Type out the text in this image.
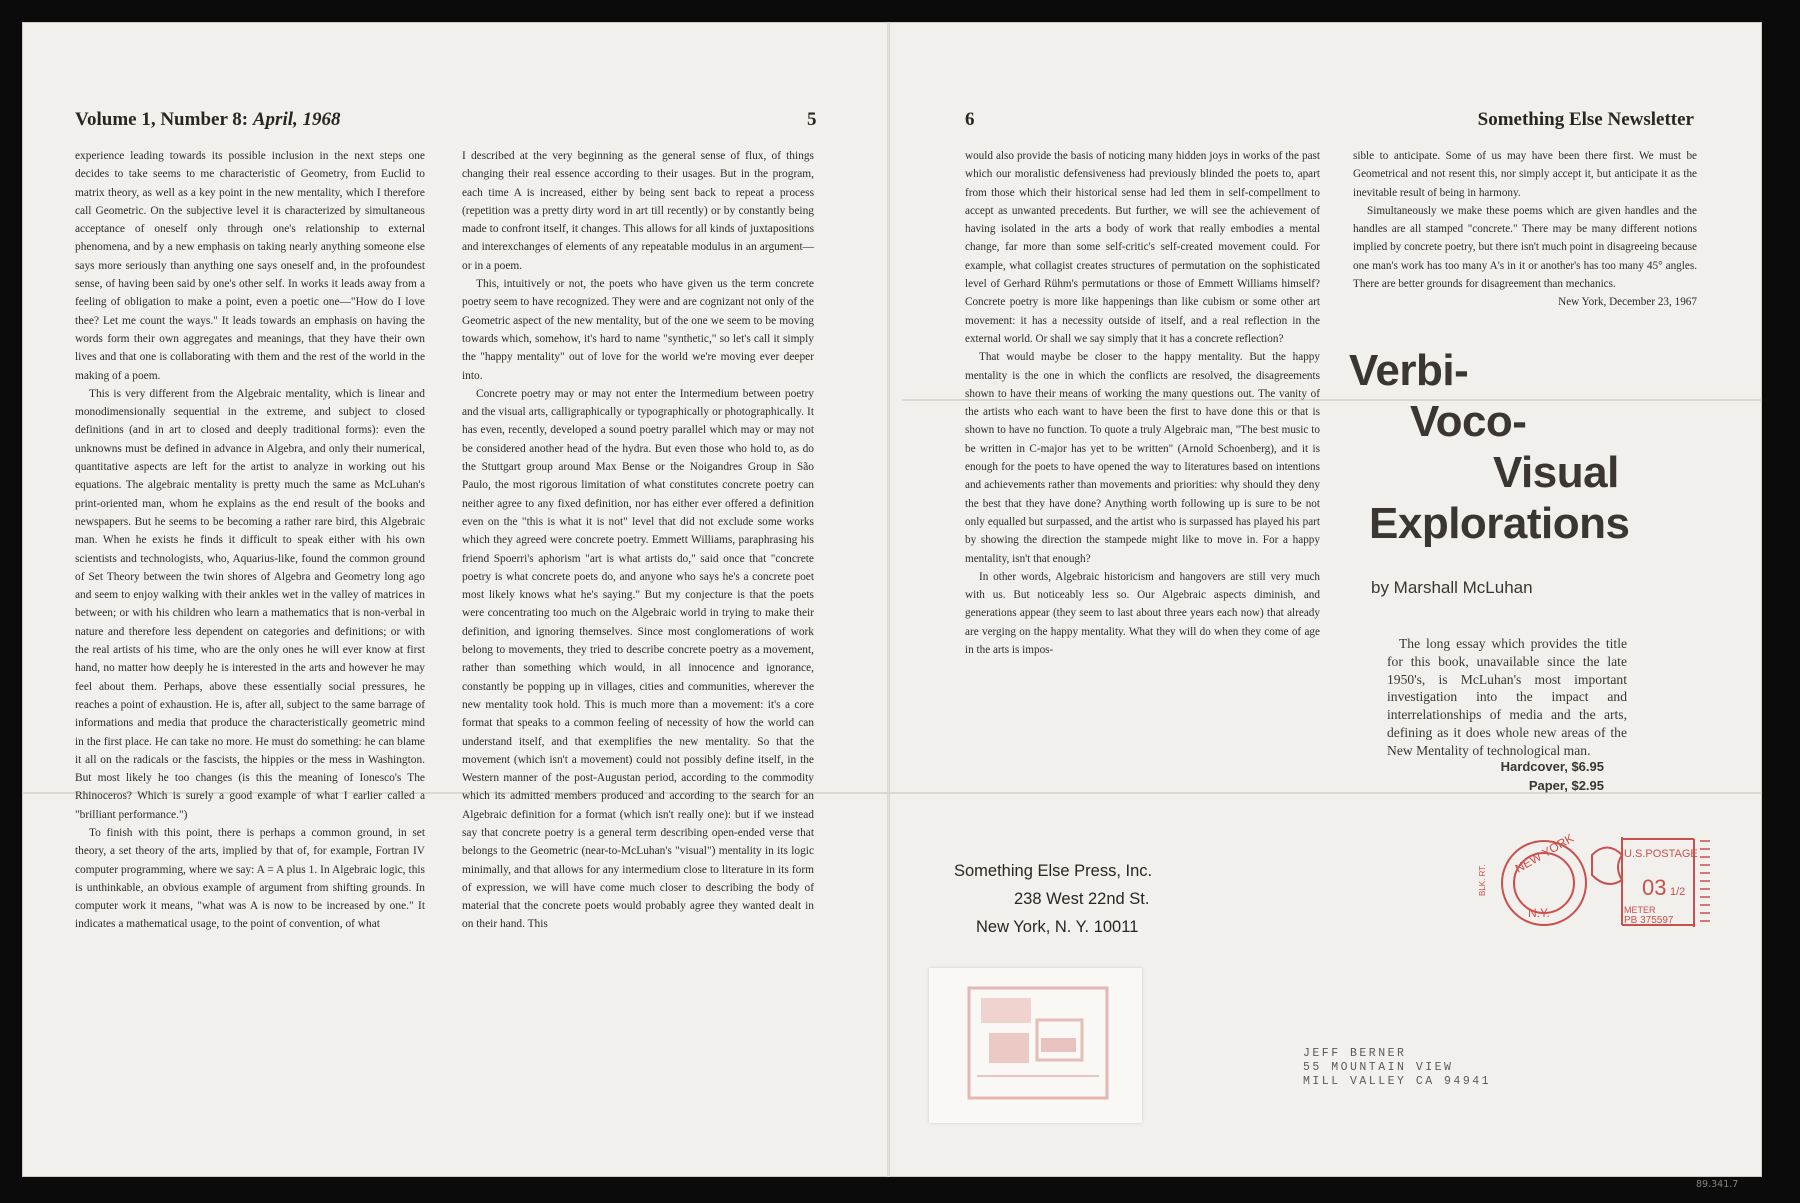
Volume 1, Number 8: April, 1968	5

experience leading towards its possible inclusion in the next steps one decides to take seems to me characteristic of Geometry, from Euclid to matrix theory, as well as a key point in the new mentality, which I therefore call Geometric. On the subjective level it is characterized by simultaneous acceptance of oneself only through one's relationship to external phenomena, and by a new emphasis on taking nearly anything someone else says more seriously than anything one says oneself and, in the profoundest sense, of having been said by one's other self. In works it leads away from a feeling of obligation to make a point, even a poetic one—"How do I love thee? Let me count the ways." It leads towards an emphasis on having the words form their own aggregates and meanings, that they have their own lives and that one is collaborating with them and the rest of the world in the making of a poem.

This is very different from the Algebraic mentality, which is linear and monodimensionally sequential in the extreme, and subject to closed definitions (and in art to closed and deeply traditional forms): even the unknowns must be defined in advance in Algebra, and only their numerical, quantitative aspects are left for the artist to analyze in working out his equations. The algebraic mentality is pretty much the same as McLuhan's print-oriented man, whom he explains as the end result of the books and newspapers. But he seems to be becoming a rather rare bird, this Algebraic man. When he exists he finds it difficult to speak either with his own scientists and technologists, who, Aquarius-like, found the common ground of Set Theory between the twin shores of Algebra and Geometry long ago and seem to enjoy walking with their ankles wet in the valley of matrices in between; or with his children who learn a mathematics that is non-verbal in nature and therefore less dependent on categories and definitions; or with the real artists of his time, who are the only ones he will ever know at first hand, no matter how deeply he is interested in the arts and however he may feel about them. Perhaps, above these essentially social pressures, he reaches a point of exhaustion. He is, after all, subject to the same barrage of informations and media that produce the characteristically geometric mind in the first place. He can take no more. He must do something: he can blame it all on the radicals or the fascists, the hippies or the mess in Washington. But most likely he too changes (is this the meaning of Ionesco's The Rhinoceros? Which is surely a good example of what I earlier called a "brilliant performance.")

To finish with this point, there is perhaps a common ground, in set theory, a set theory of the arts, implied by that of, for example, Fortran IV computer programming, where we say: A = A plus 1. In Algebraic logic, this is unthinkable, an obvious example of argument from shifting grounds. In computer work it means, "what was A is now to be increased by one." It indicates a mathematical usage, to the point of convention, of what

I described at the very beginning as the general sense of flux, of things changing their real essence according to their usages. But in the program, each time A is increased, either by being sent back to repeat a process (repetition was a pretty dirty word in art till recently) or by constantly being made to confront itself, it changes. This allows for all kinds of juxtapositions and interexchanges of elements of any repeatable modulus in an argument—or in a poem.

This, intuitively or not, the poets who have given us the term concrete poetry seem to have recognized. They were and are cognizant not only of the Geometric aspect of the new mentality, but of the one we seem to be moving towards which, somehow, it's hard to name "synthetic," so let's call it simply the "happy mentality" out of love for the world we're moving ever deeper into.

Concrete poetry may or may not enter the Intermedium between poetry and the visual arts, calligraphically or typographically or photographically. It has even, recently, developed a sound poetry parallel which may or may not be considered another head of the hydra. But even those who hold to, as do the Stuttgart group around Max Bense or the Noigandres Group in São Paulo, the most rigorous limitation of what constitutes concrete poetry can neither agree to any fixed definition, nor has either ever offered a definition even on the "this is what it is not" level that did not exclude some works which they agreed were concrete poetry. Emmett Williams, paraphrasing his friend Spoerri's aphorism "art is what artists do," said once that "concrete poetry is what concrete poets do, and anyone who says he's a concrete poet most likely knows what he's saying." But my conjecture is that the poets were concentrating too much on the Algebraic world in trying to make their definition, and ignoring themselves. Since most conglomerations of work belong to movements, they tried to describe concrete poetry as a movement, rather than something which would, in all innocence and ignorance, constantly be popping up in villages, cities and communities, wherever the new mentality took hold. This is much more than a movement: it's a core format that speaks to a common feeling of necessity of how the world can understand itself, and that exemplifies the new mentality. So that the movement (which isn't a movement) could not possibly define itself, in the Western manner of the post-Augustan period, according to the commodity which its admitted members produced and according to the search for an Algebraic definition for a format (which isn't really one): but if we instead say that concrete poetry is a general term describing open-ended verse that belongs to the Geometric (near-to-McLuhan's "visual") mentality in its logic minimally, and that allows for any intermedium close to literature in its form of expression, we will have come much closer to describing the body of material that the concrete poets would probably agree they wanted dealt in on their hand. This

6	Something Else Newsletter

would also provide the basis of noticing many hidden joys in works of the past which our moralistic defensiveness had previously blinded the poets to, apart from those which their historical sense had led them in self-compellment to accept as unwanted precedents. But further, we will see the achievement of having isolated in the arts a body of work that really embodies a mental change, far more than some self-critic's self-created movement could. For example, what collagist creates structures of permutation on the sophisticated level of Gerhard Rühm's permutations or those of Emmett Williams himself? Concrete poetry is more like happenings than like cubism or some other art movement: it has a necessity outside of itself, and a real reflection in the external world. Or shall we say simply that it has a concrete reflection?

That would maybe be closer to the happy mentality. But the happy mentality is the one in which the conflicts are resolved, the disagreements shown to have their means of working the many questions out. The vanity of the artists who each want to have been the first to have done this or that is shown to have no function. To quote a truly Algebraic man, "The best music to be written in C-major has yet to be written" (Arnold Schoenberg), and it is enough for the poets to have opened the way to literatures based on intentions and achievements rather than movements and priorities: why should they deny the best that they have done? Anything worth following up is sure to be not only equalled but surpassed, and the artist who is surpassed has played his part by showing the direction the stampede might like to move in. For a happy mentality, isn't that enough?

In other words, Algebraic historicism and hangovers are still very much with us. But noticeably less so. Our Algebraic aspects diminish, and generations appear (they seem to last about three years each now) that already are verging on the happy mentality. What they will do when they come of age in the arts is impos-

sible to anticipate. Some of us may have been there first. We must be Geometrical and not resent this, nor simply accept it, but anticipate it as the inevitable result of being in harmony.

Simultaneously we make these poems which are given handles and the handles are all stamped "concrete." There may be many different notions implied by concrete poetry, but there isn't much point in disagreeing because one man's work has too many A's in it or another's has too many 45° angles. There are better grounds for disagreement than mechanics.

New York, December 23, 1967

Verbi-
Voco-
Visual
Explorations
by Marshall McLuhan

The long essay which provides the title for this book, unavailable since the late 1950's, is McLuhan's most important investigation into the impact and interrelationships of media and the arts, defining as it does whole new areas of the New Mentality of technological man.

Hardcover, $6.95
Paper, $2.95
Something Else Press, Inc.
238 West 22nd St.
New York, N. Y. 10011
NEW YORK
N.Y.
U.S.POSTAGE
03 1/2
METER
PB 375597
BLK. RT.
JEFF BERNER
55 MOUNTAIN VIEW
MILL VALLEY CA 94941
89.341.7
